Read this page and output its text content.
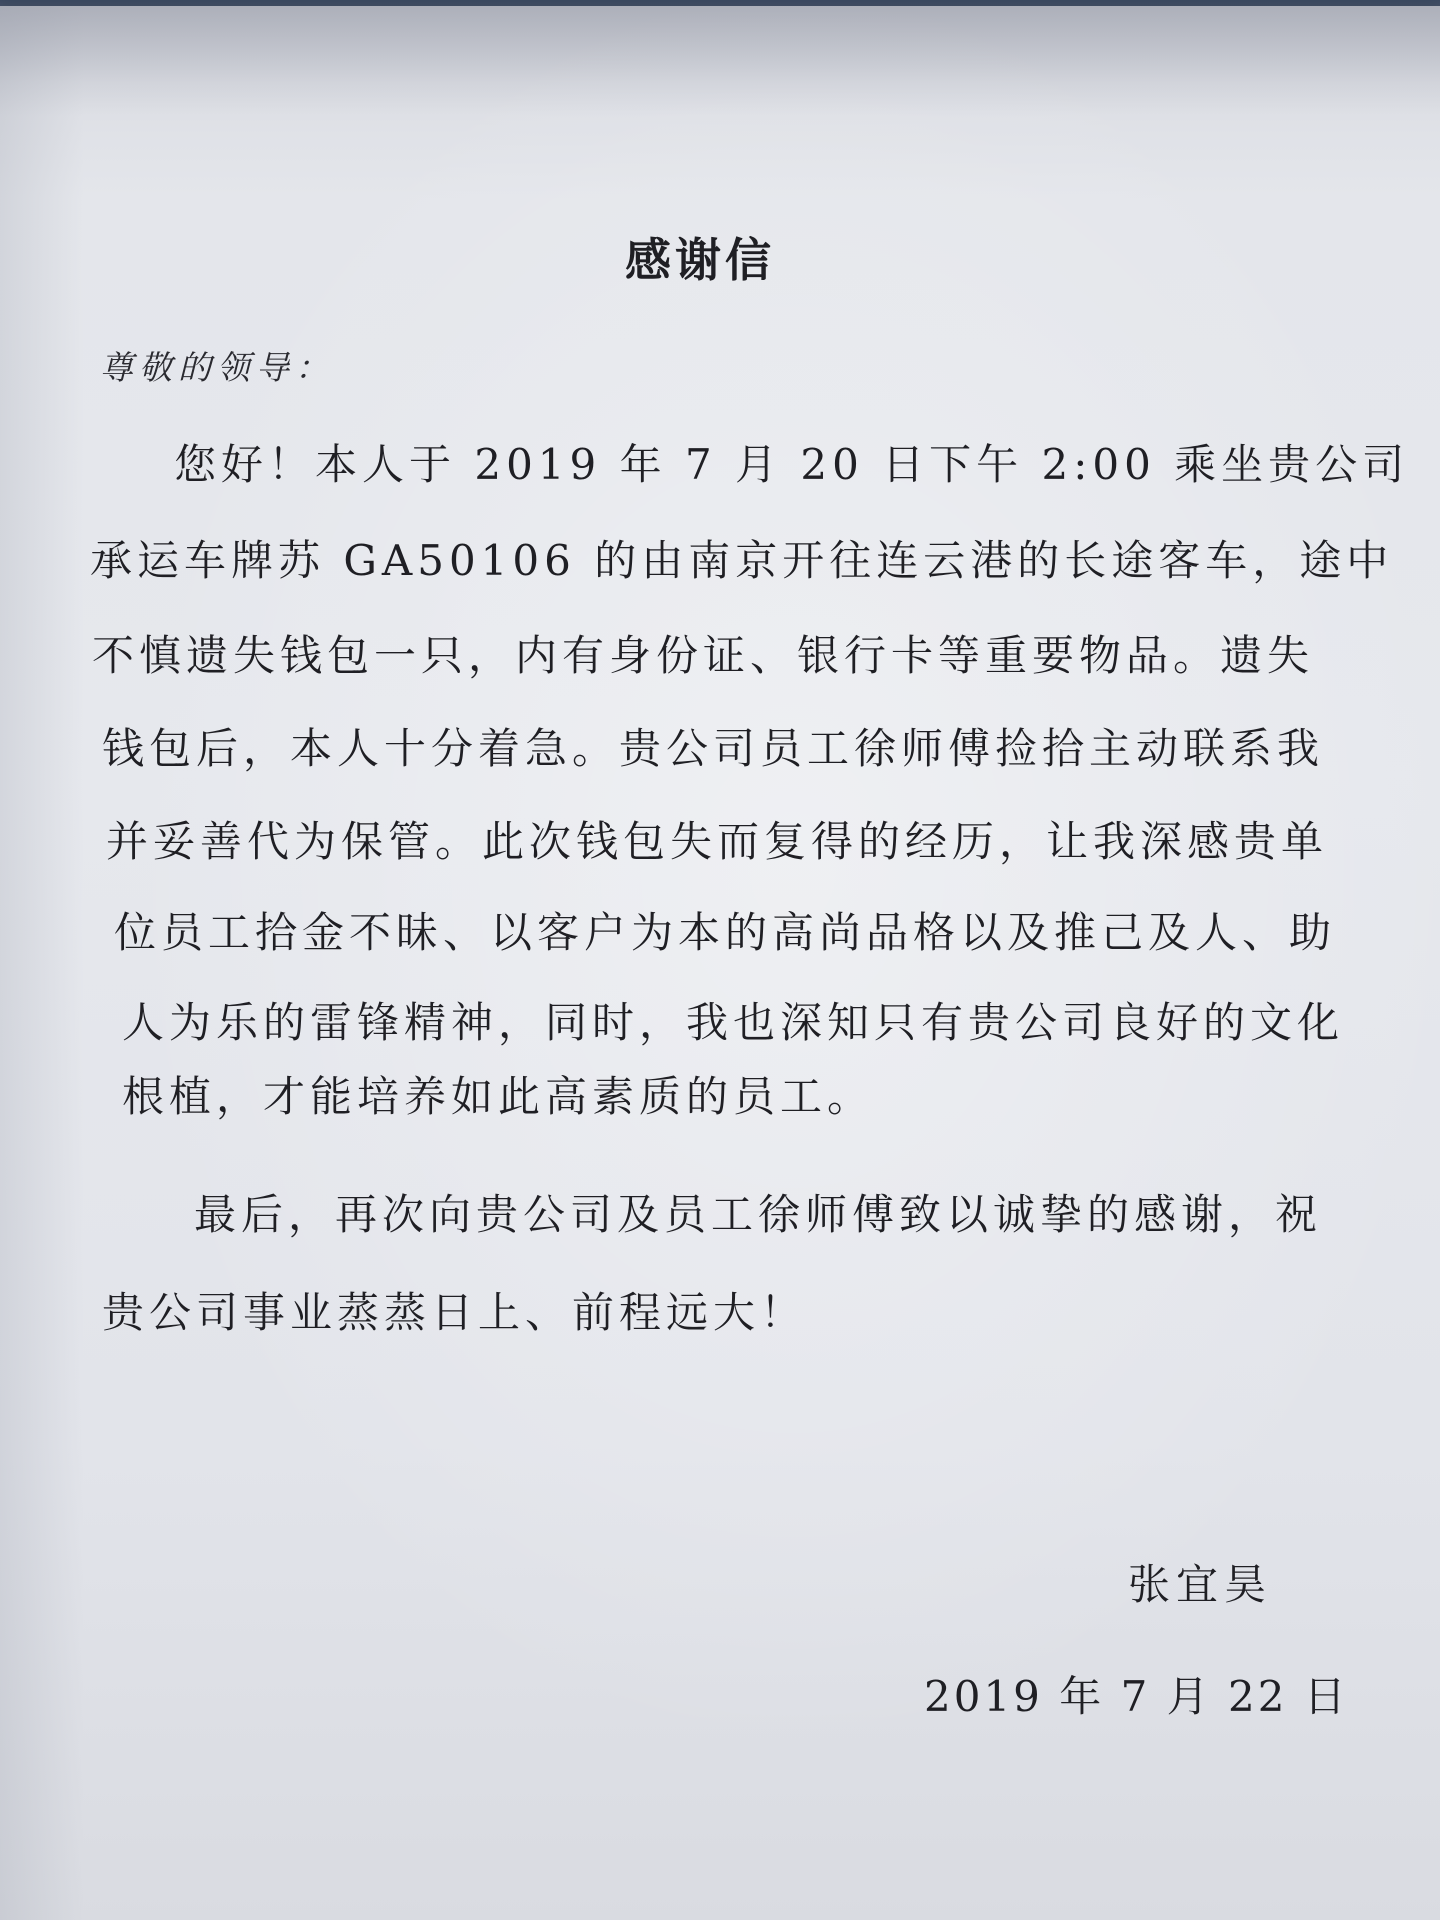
感谢信

尊敬的领导：

您好！本人于 2019 年 7 月 20 日下午 2:00 乘坐贵公司

承运车牌苏 GA50106 的由南京开往连云港的长途客车，途中

不慎遗失钱包一只，内有身份证、银行卡等重要物品。遗失

钱包后，本人十分着急。贵公司员工徐师傅捡拾主动联系我

并妥善代为保管。此次钱包失而复得的经历，让我深感贵单

位员工拾金不昧、以客户为本的高尚品格以及推己及人、助

人为乐的雷锋精神，同时，我也深知只有贵公司良好的文化

根植，才能培养如此高素质的员工。

最后，再次向贵公司及员工徐师傅致以诚挚的感谢，祝

贵公司事业蒸蒸日上、前程远大！

张宜昊

2019 年 7 月 22 日
